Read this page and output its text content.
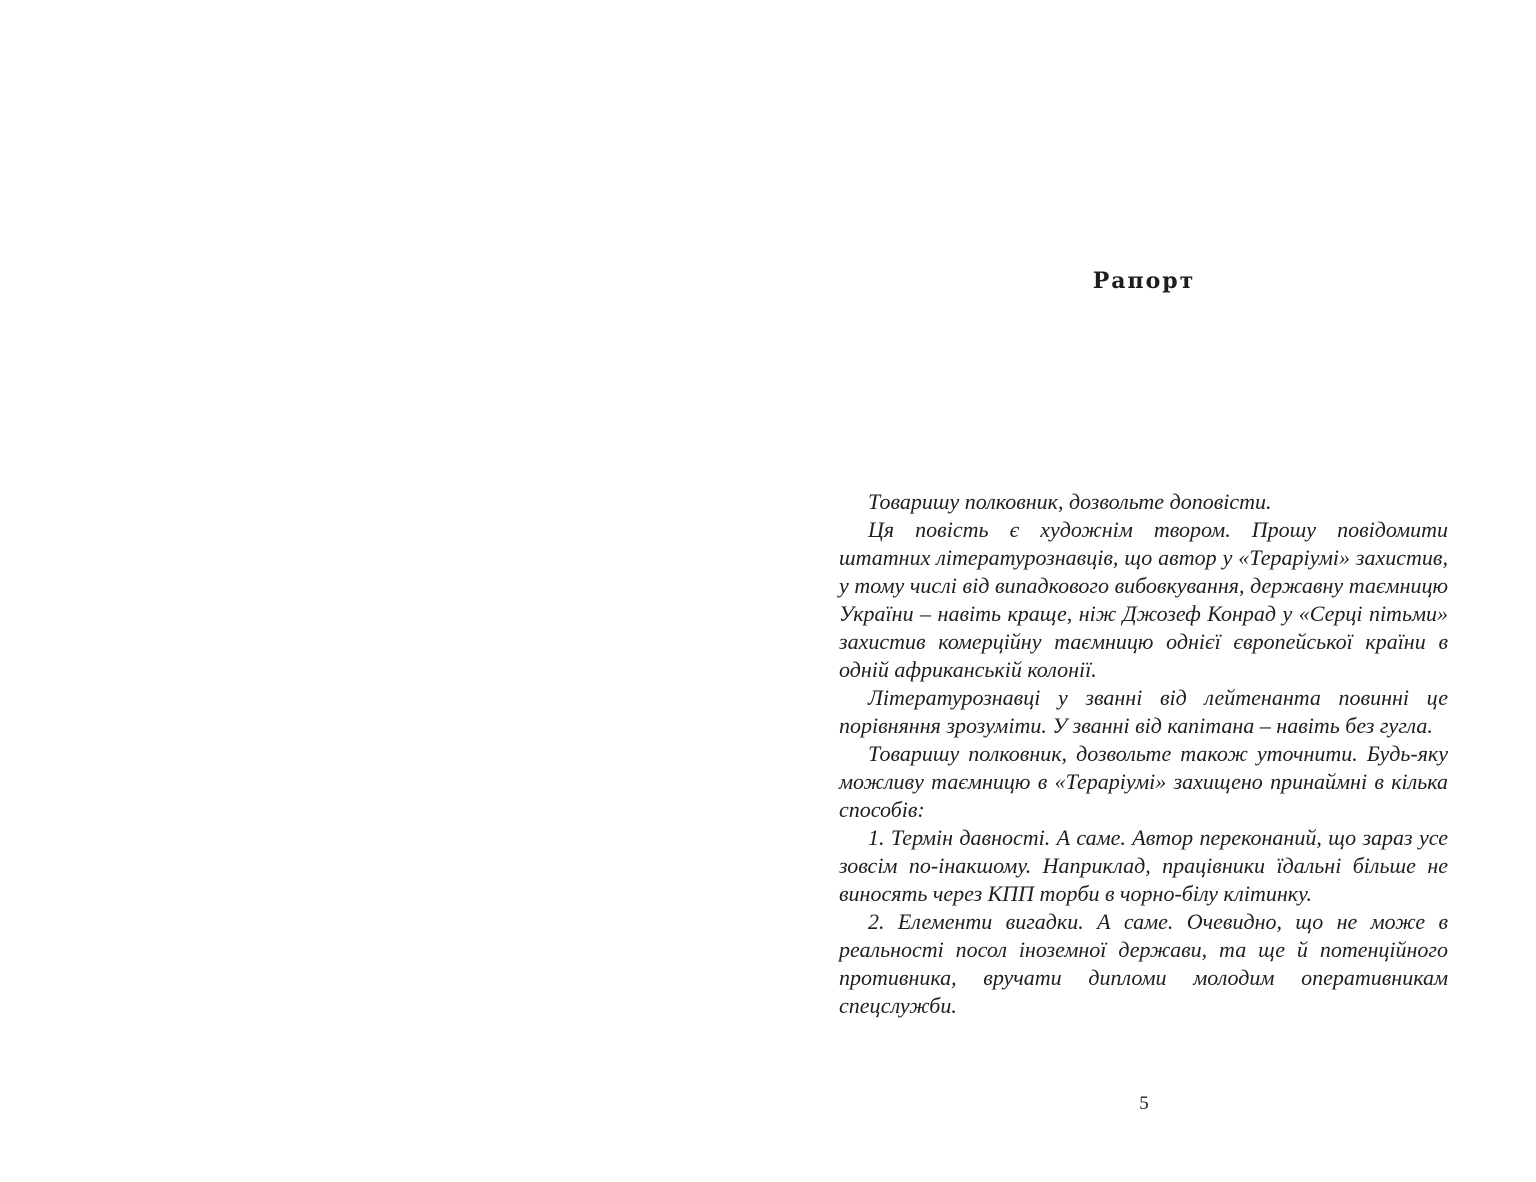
Рапорт

Товаришу полковник, дозвольте доповісти.

Ця повість є художнім твором. Прошу повідомити штатних літературознавців, що автор у «Тераріумі» захистив, у тому числі від випадкового вибовкування, державну таємницю України – навіть краще, ніж Джозеф Конрад у «Серці пітьми» захистив комерційну таємницю однієї європейської країни в одній африканській колонії.

Літературознавці у званні від лейтенанта повинні це порівняння зрозуміти. У званні від капітана – навіть без гугла.

Товаришу полковник, дозвольте також уточнити. Будь-яку можливу таємницю в «Тераріумі» захищено принаймні в кілька способів:

1. Термін давності. А саме. Автор переконаний, що зараз усе зовсім по-інакшому. Наприклад, працівники їдальні більше не виносять через КПП торби в чорно-білу клітинку.

2. Елементи вигадки. А саме. Очевидно, що не може в реальності посол іноземної держави, та ще й потенційного противника, вручати дипломи молодим оперативникам спецслужби.

5
